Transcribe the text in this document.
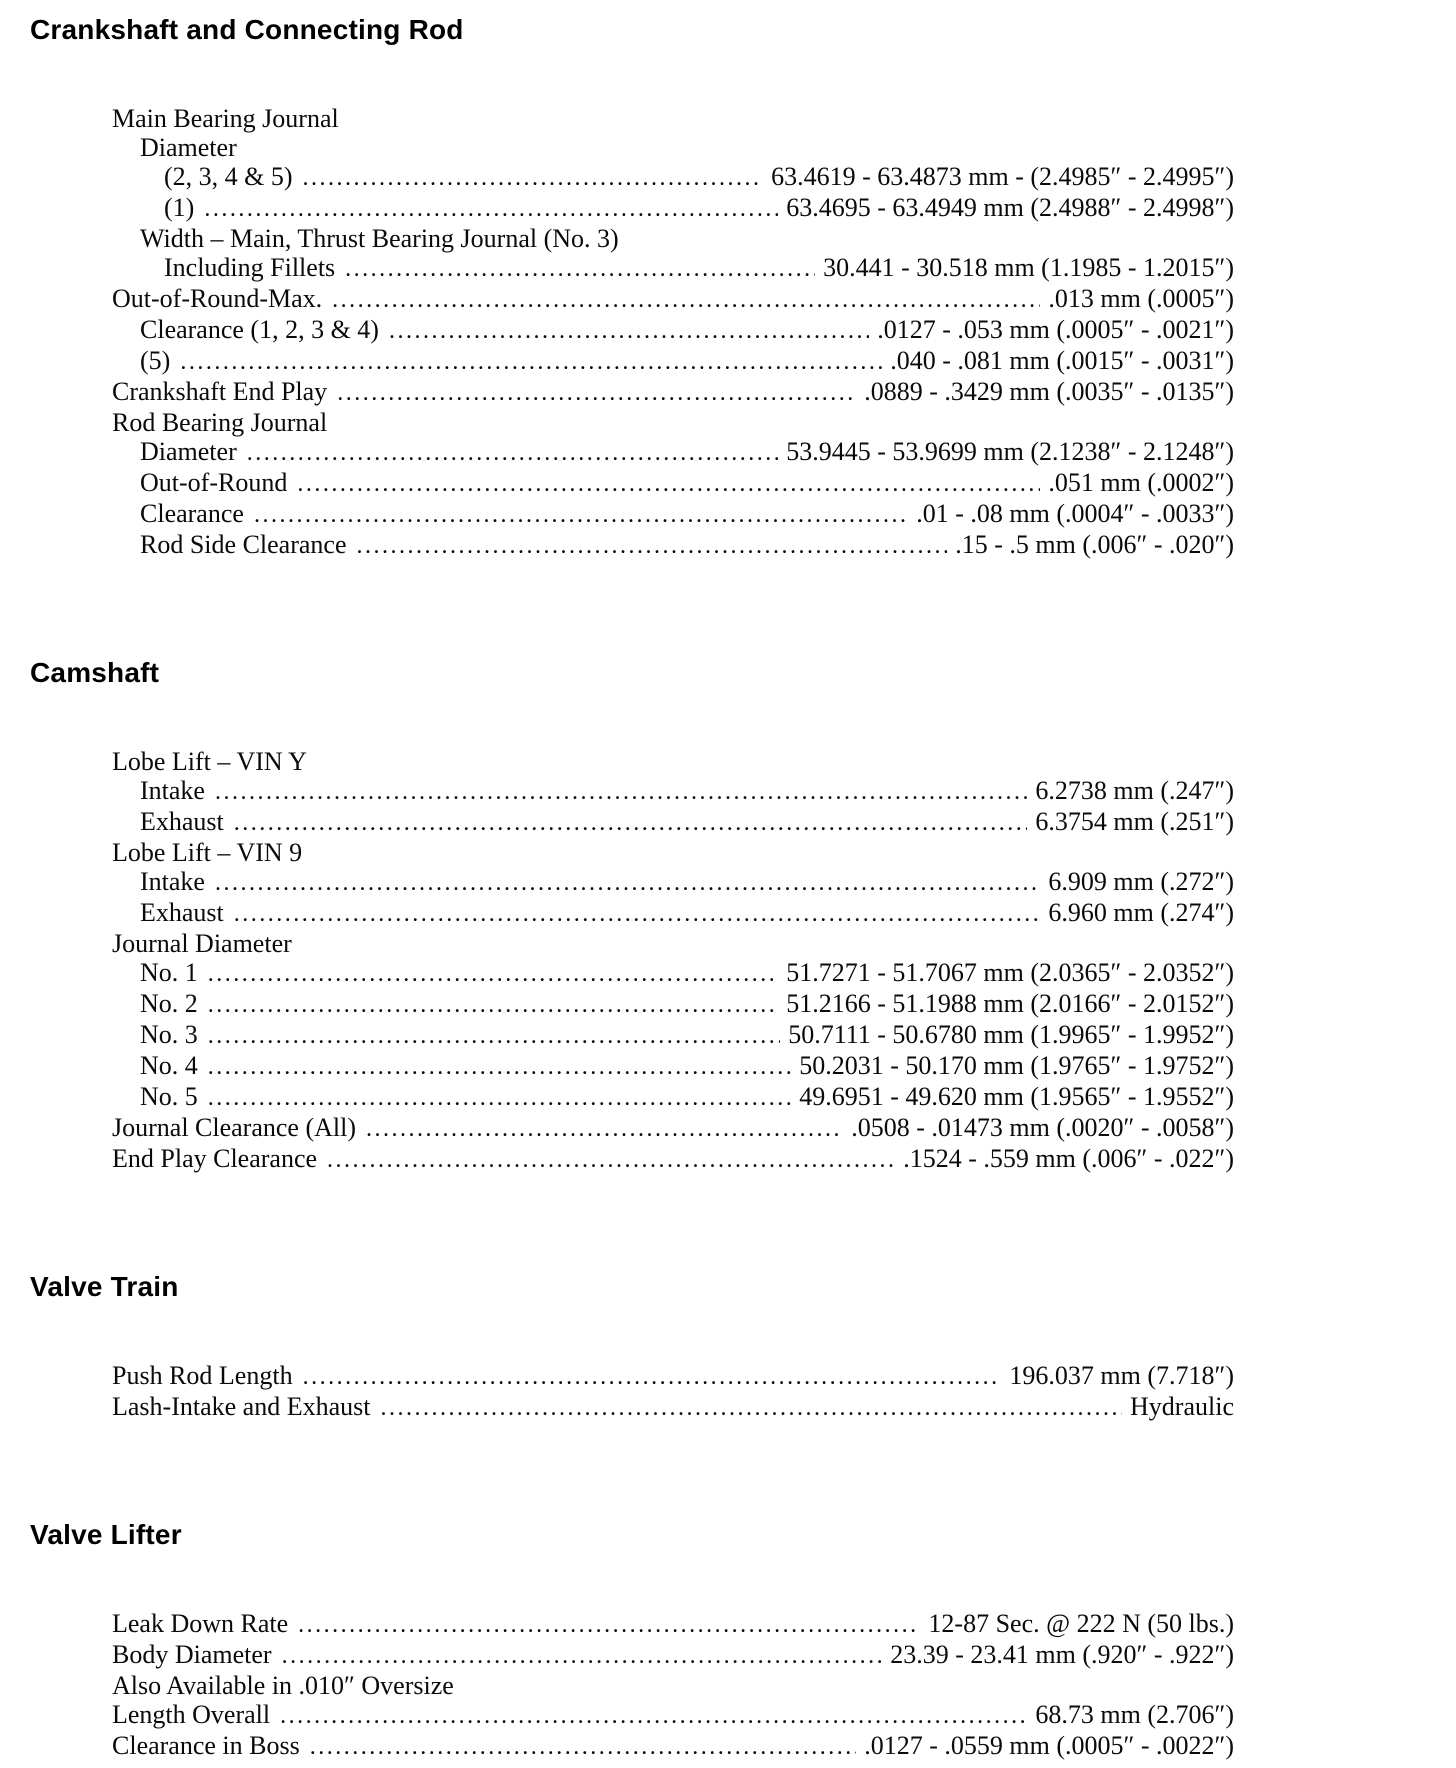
Crankshaft and Connecting Rod
Main Bearing Journal
Diameter
(2, 3, 4 & 5) .....	63.4619 - 63.4873 mm - (2.4985″ - 2.4995″)
(1) .....	63.4695 - 63.4949 mm (2.4988″ - 2.4998″)
Width – Main, Thrust Bearing Journal (No. 3)
Including Fillets .....	30.441 - 30.518 mm (1.1985 - 1.2015″)
Out-of-Round-Max. .....	.013 mm (.0005″)
Clearance (1, 2, 3 & 4) .....	.0127 - .053 mm (.0005″ - .0021″)
(5) .....	.040 - .081 mm (.0015″ - .0031″)
Crankshaft End Play .....	.0889 - .3429 mm (.0035″ - .0135″)
Rod Bearing Journal
Diameter .....	53.9445 - 53.9699 mm (2.1238″ - 2.1248″)
Out-of-Round .....	.051 mm (.0002″)
Clearance .....	.01 - .08 mm (.0004″ - .0033″)
Rod Side Clearance .....	.15 - .5 mm (.006″ - .020″)
Camshaft
Lobe Lift – VIN Y
Intake .....	6.2738 mm (.247″)
Exhaust .....	6.3754 mm (.251″)
Lobe Lift – VIN 9
Intake .....	6.909 mm (.272″)
Exhaust .....	6.960 mm (.274″)
Journal Diameter
No. 1 .....	51.7271 - 51.7067 mm (2.0365″ - 2.0352″)
No. 2 .....	51.2166 - 51.1988 mm (2.0166″ - 2.0152″)
No. 3 .....	50.7111 - 50.6780 mm (1.9965″ - 1.9952″)
No. 4 .....	50.2031 - 50.170 mm (1.9765″ - 1.9752″)
No. 5 .....	49.6951 - 49.620 mm (1.9565″ - 1.9552″)
Journal Clearance (All) .....	.0508 - .01473 mm (.0020″ - .0058″)
End Play Clearance .....	.1524 - .559 mm (.006″ - .022″)
Valve Train
Push Rod Length .....	196.037 mm (7.718″)
Lash-Intake and Exhaust .....	Hydraulic
Valve Lifter
Leak Down Rate .....	12-87 Sec. @ 222 N (50 lbs.)
Body Diameter .....	23.39 - 23.41 mm (.920″ - .922″)
Also Available in .010″ Oversize
Length Overall .....	68.73 mm (2.706″)
Clearance in Boss .....	.0127 - .0559 mm (.0005″ - .0022″)
